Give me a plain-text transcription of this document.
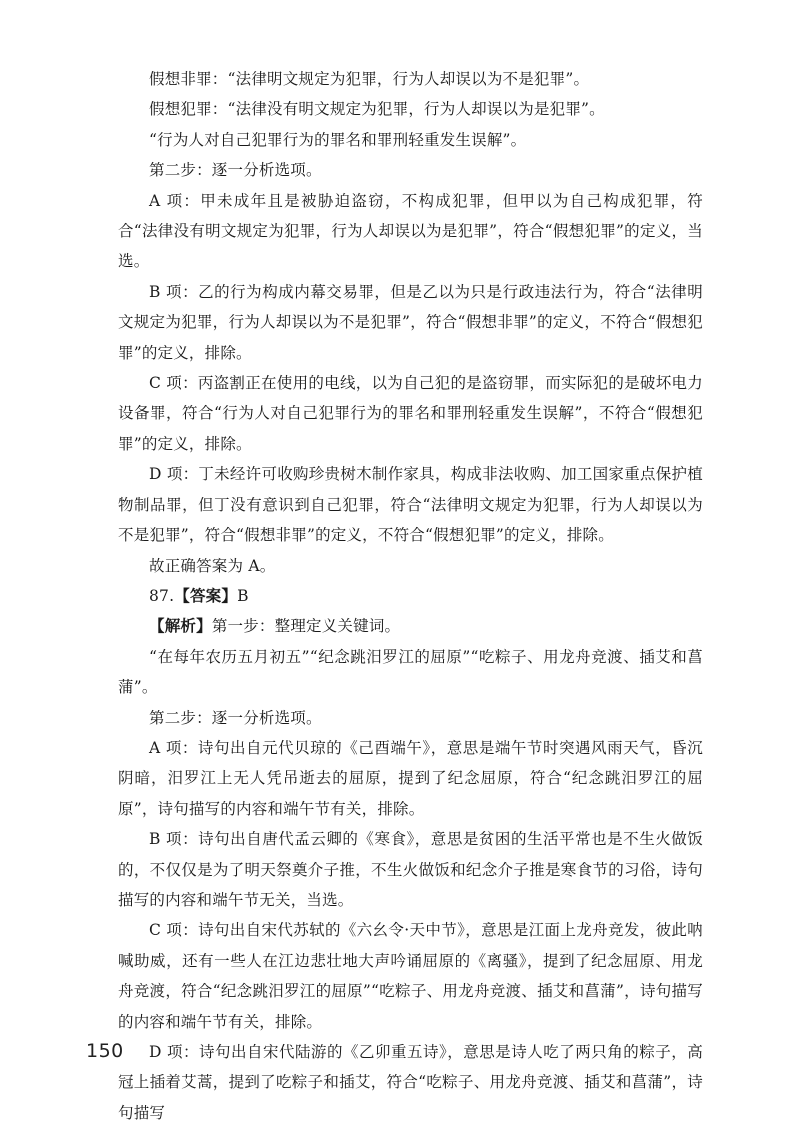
假想非罪：“法律明文规定为犯罪，行为人却误以为不是犯罪”。

假想犯罪：“法律没有明文规定为犯罪，行为人却误以为是犯罪”。

“行为人对自己犯罪行为的罪名和罪刑轻重发生误解”。

第二步：逐一分析选项。

A 项：甲未成年且是被胁迫盗窃，不构成犯罪，但甲以为自己构成犯罪，符合“法律没有明文规定为犯罪，行为人却误以为是犯罪”，符合“假想犯罪”的定义，当选。

B 项：乙的行为构成内幕交易罪，但是乙以为只是行政违法行为，符合“法律明文规定为犯罪，行为人却误以为不是犯罪”，符合“假想非罪”的定义，不符合“假想犯罪”的定义，排除。

C 项：丙盗割正在使用的电线，以为自己犯的是盗窃罪，而实际犯的是破坏电力设备罪，符合“行为人对自己犯罪行为的罪名和罪刑轻重发生误解”，不符合“假想犯罪”的定义，排除。

D 项：丁未经许可收购珍贵树木制作家具，构成非法收购、加工国家重点保护植物制品罪，但丁没有意识到自己犯罪，符合“法律明文规定为犯罪，行为人却误以为不是犯罪”，符合“假想非罪”的定义，不符合“假想犯罪”的定义，排除。

故正确答案为 A。

87.【答案】B

【解析】第一步：整理定义关键词。

“在每年农历五月初五”“纪念跳汨罗江的屈原”“吃粽子、用龙舟竞渡、插艾和菖蒲”。

第二步：逐一分析选项。

A 项：诗句出自元代贝琼的《己酉端午》，意思是端午节时突遇风雨天气，昏沉阴暗，汨罗江上无人凭吊逝去的屈原，提到了纪念屈原，符合“纪念跳汨罗江的屈原”，诗句描写的内容和端午节有关，排除。

B 项：诗句出自唐代孟云卿的《寒食》，意思是贫困的生活平常也是不生火做饭的，不仅仅是为了明天祭奠介子推，不生火做饭和纪念介子推是寒食节的习俗，诗句描写的内容和端午节无关，当选。

C 项：诗句出自宋代苏轼的《六幺令·天中节》，意思是江面上龙舟竞发，彼此呐喊助威，还有一些人在江边悲壮地大声吟诵屈原的《离骚》，提到了纪念屈原、用龙舟竞渡，符合“纪念跳汨罗江的屈原”“吃粽子、用龙舟竞渡、插艾和菖蒲”，诗句描写的内容和端午节有关，排除。

D 项：诗句出自宋代陆游的《乙卯重五诗》，意思是诗人吃了两只角的粽子，高冠上插着艾蒿，提到了吃粽子和插艾，符合“吃粽子、用龙舟竞渡、插艾和菖蒲”，诗句描写

150
